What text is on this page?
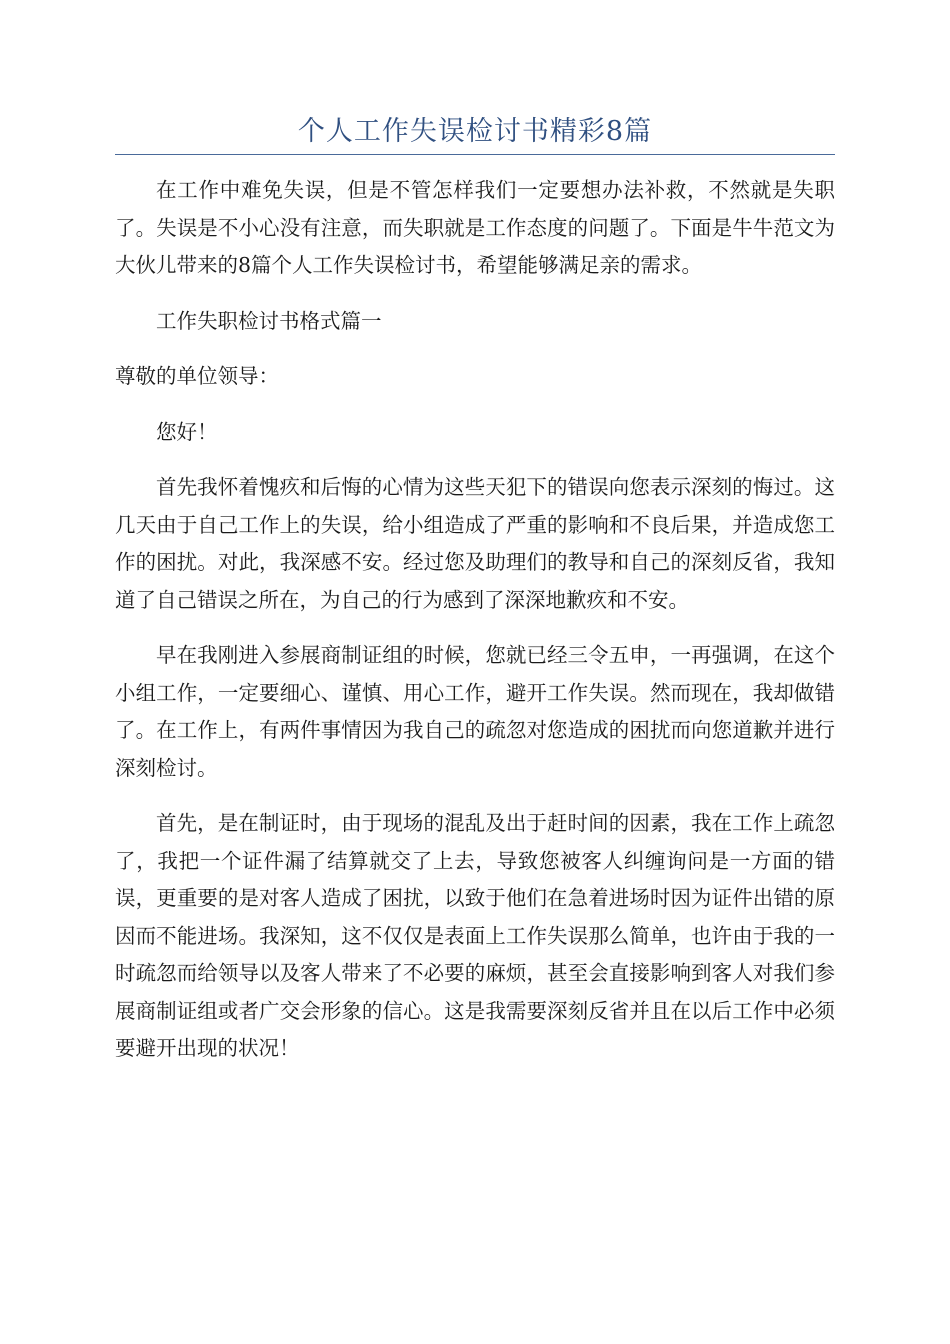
个人工作失误检讨书精彩8篇

在工作中难免失误，但是不管怎样我们一定要想办法补救，不然就是失职了。失误是不小心没有注意，而失职就是工作态度的问题了。下面是牛牛范文为大伙儿带来的8篇个人工作失误检讨书，希望能够满足亲的需求。

工作失职检讨书格式篇一

尊敬的单位领导：

您好！

首先我怀着愧疚和后悔的心情为这些天犯下的错误向您表示深刻的悔过。这几天由于自己工作上的失误，给小组造成了严重的影响和不良后果，并造成您工作的困扰。对此，我深感不安。经过您及助理们的教导和自己的深刻反省，我知道了自己错误之所在，为自己的行为感到了深深地歉疚和不安。

早在我刚进入参展商制证组的时候，您就已经三令五申，一再强调，在这个小组工作，一定要细心、谨慎、用心工作，避开工作失误。然而现在，我却做错了。在工作上，有两件事情因为我自己的疏忽对您造成的困扰而向您道歉并进行深刻检讨。

首先，是在制证时，由于现场的混乱及出于赶时间的因素，我在工作上疏忽了，我把一个证件漏了结算就交了上去，导致您被客人纠缠询问是一方面的错误，更重要的是对客人造成了困扰，以致于他们在急着进场时因为证件出错的原因而不能进场。我深知，这不仅仅是表面上工作失误那么简单，也许由于我的一时疏忽而给领导以及客人带来了不必要的麻烦，甚至会直接影响到客人对我们参展商制证组或者广交会形象的信心。这是我需要深刻反省并且在以后工作中必须要避开出现的状况！
